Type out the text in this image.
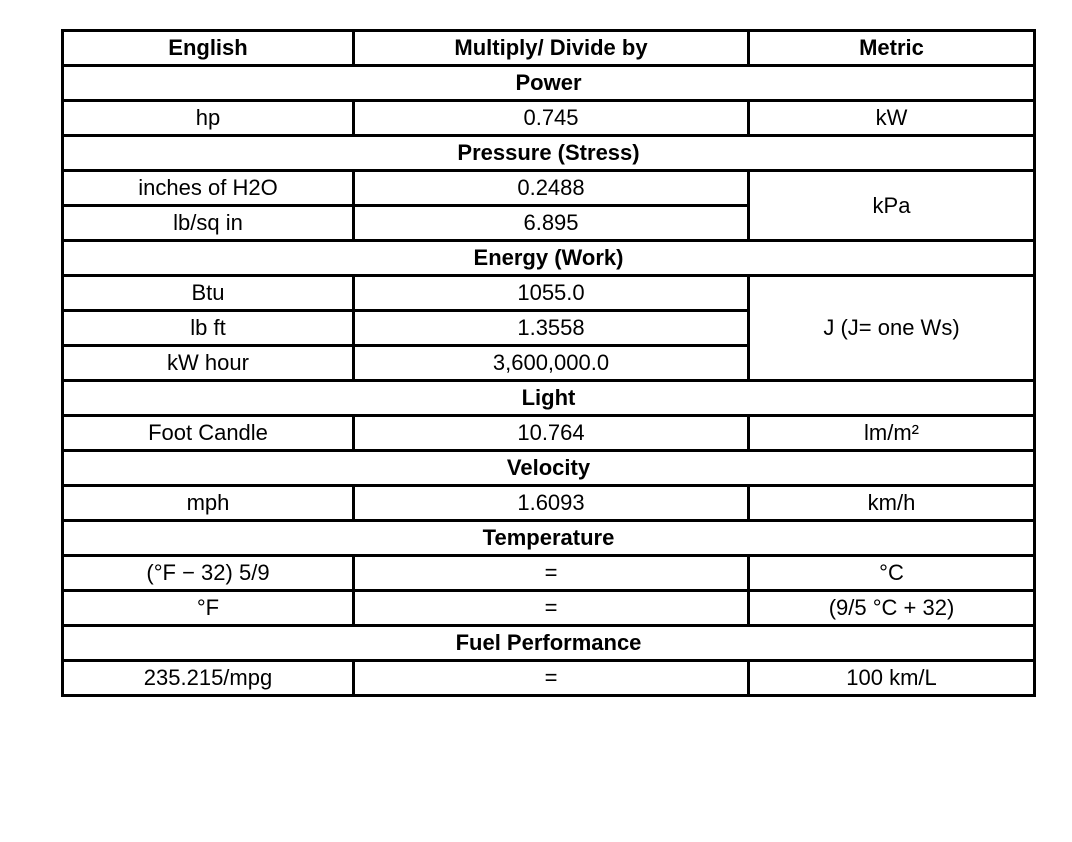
English	Multiply/ Divide by	Metric
Power		
hp	0.745	kW
Pressure (Stress)		
inches of H2O	0.2488	kPa
lb/sq in	6.895	
Energy (Work)		
Btu	1055.0	J (J= one Ws)
lb ft	1.3558	
kW hour	3,600,000.0	
Light		
Foot Candle	10.764	lm/m²
Velocity		
mph	1.6093	km/h
Temperature		
(°F − 32) 5/9	=	°C
°F	=	(9/5 °C + 32)
Fuel Performance		
235.215/mpg	=	100 km/L
